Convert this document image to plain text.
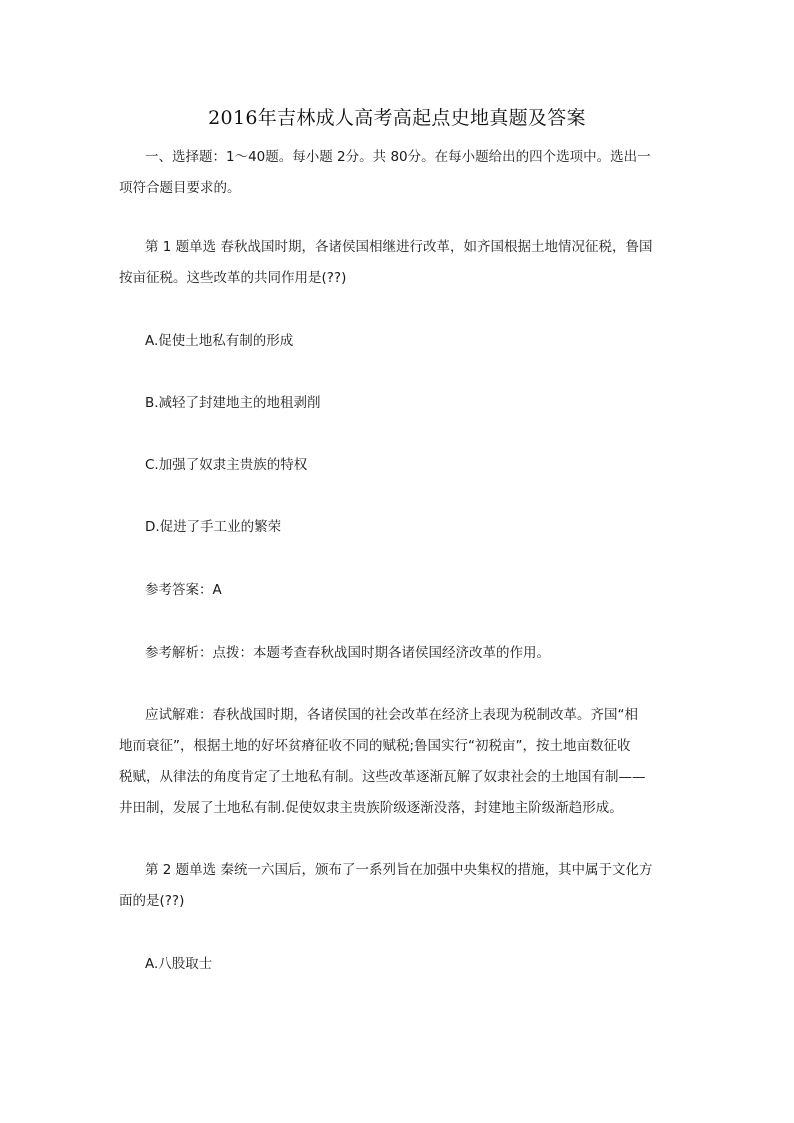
2016年吉林成人高考高起点史地真题及答案
一、选择题：1～40题。每小题 2分。共 80分。在每小题给出的四个选项中。选出一
项符合题目要求的。
第 1 题单选 春秋战国时期，各诸侯国相继进行改革，如齐国根据土地情况征税，鲁国
按亩征税。这些改革的共同作用是(??)
A.促使土地私有制的形成
B.减轻了封建地主的地租剥削
C.加强了奴隶主贵族的特权
D.促进了手工业的繁荣
参考答案：A
参考解析：点拨：本题考查春秋战国时期各诸侯国经济改革的作用。
应试解难：春秋战国时期，各诸侯国的社会改革在经济上表现为税制改革。齐国“相
地而衰征”，根据土地的好坏贫瘠征收不同的赋税;鲁国实行“初税亩”，按土地亩数征收
税赋，从律法的角度肯定了土地私有制。这些改革逐渐瓦解了奴隶社会的土地国有制——
井田制，发展了土地私有制.促使奴隶主贵族阶级逐渐没落，封建地主阶级渐趋形成。
第 2 题单选 秦统一六国后，颁布了一系列旨在加强中央集权的措施，其中属于文化方
面的是(??)
A.八股取士
